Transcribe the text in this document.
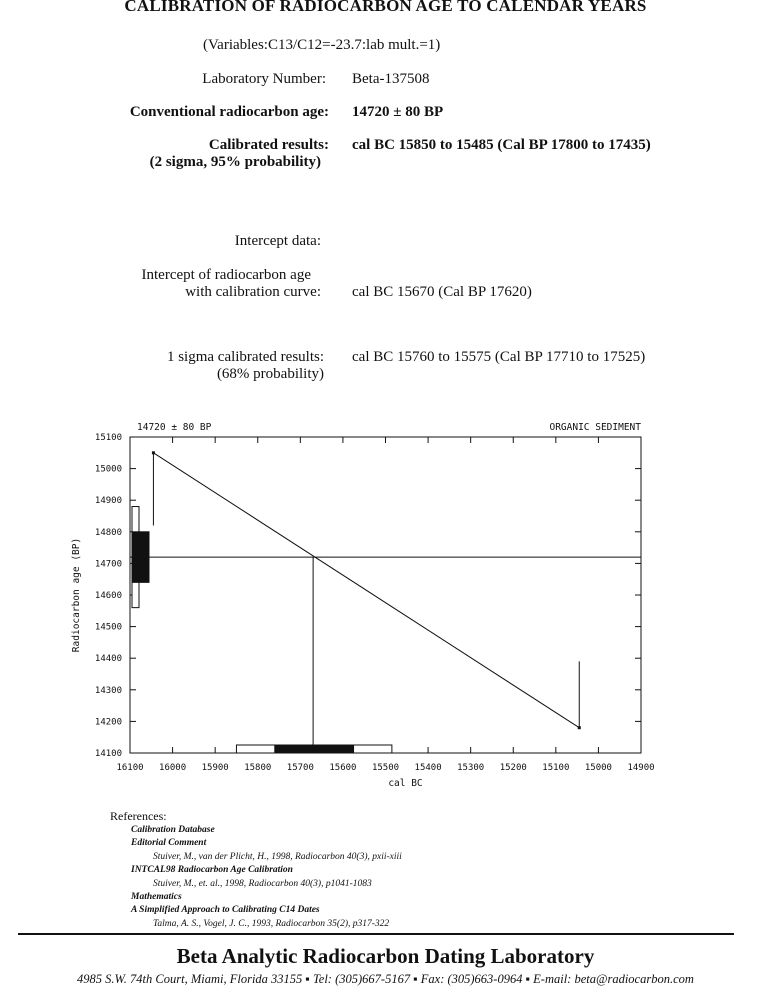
CALIBRATION OF RADIOCARBON AGE TO CALENDAR YEARS
(Variables:C13/C12=-23.7:lab mult.=1)
Laboratory Number: Beta-137508
Conventional radiocarbon age: 14720 ± 80 BP
Calibrated results:
(2 sigma, 95% probability)
cal BC 15850 to 15485 (Cal BP 17800 to 17435)
Intercept data:
Intercept of radiocarbon age
with calibration curve: cal BC 15670 (Cal BP 17620)
1 sigma calibrated results:
(68% probability)
cal BC 15760 to 15575 (Cal BP 17710 to 17525)
15100
15000
14900
14800
14700
14600
14500
14400
14300
14200
14100
16100 16000 15900 15800 15700 15600 15500 15400 15300 15200 15100 15000 14900
14720 ± 80 BP	ORGANIC SEDIMENT
cal BC
Radiocarbon age (BP)
References:
Calibration Database
Editorial Comment
Stuiver, M., van der Plicht, H., 1998, Radiocarbon 40(3), pxii-xiii
INTCAL98 Radiocarbon Age Calibration
Stuiver, M., et. al., 1998, Radiocarbon 40(3), p1041-1083
Mathematics
A Simplified Approach to Calibrating C14 Dates
Talma, A. S., Vogel, J. C., 1993, Radiocarbon 35(2), p317-322
Beta Analytic Radiocarbon Dating Laboratory
4985 S.W. 74th Court, Miami, Florida 33155 ▪ Tel: (305)667-5167 ▪ Fax: (305)663-0964 ▪ E-mail: beta@radiocarbon.com
